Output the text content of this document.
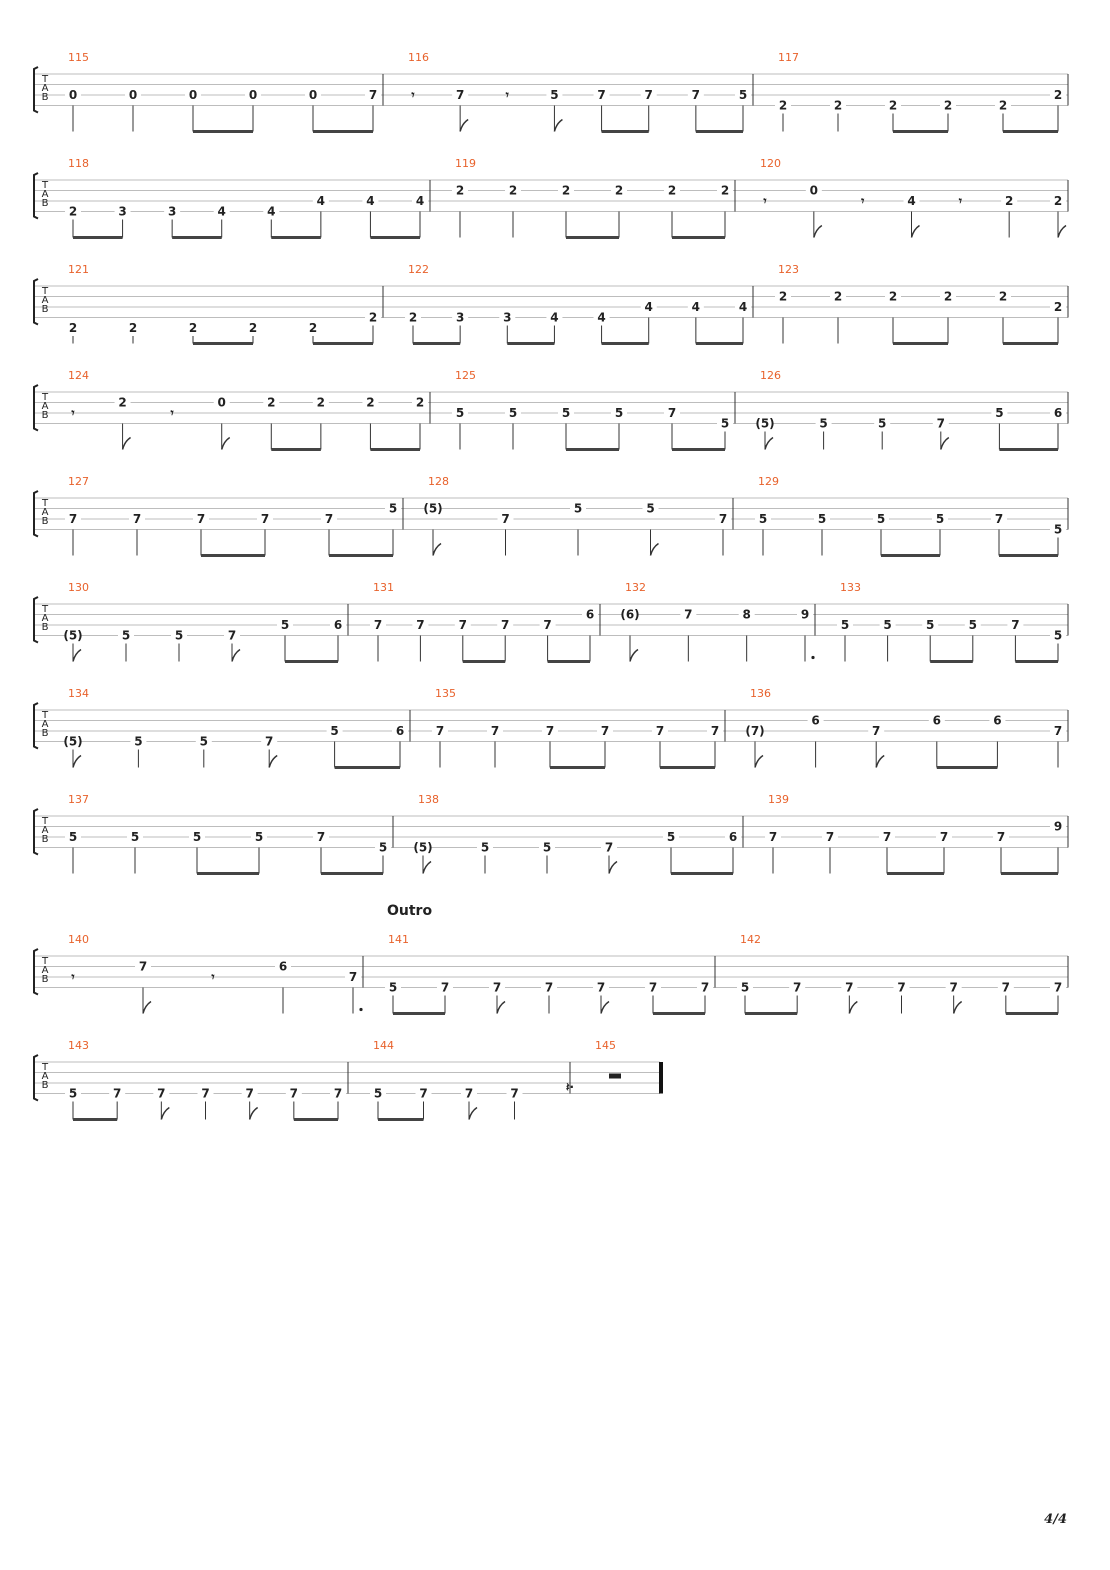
T
A
B
115
0	0	0	0	0	7
116
𝄾	7	𝄾	5	7	7	7	5
117
2	2	2	2	2
2
T
A
B
118
2	3	3	4	4
4	4	4
119
2	2	2	2	2	2
120
𝄾
0
𝄾	4	𝄾	2	2
T
A
B
121
2	2	2	2	2
2
122
2	3	3	4	4
4	4	4
123
2	2	2	2	2
2
T
A
B
124
𝄾
2
𝄾
0	2	2	2	2
125
5	5	5	5	7
5
126
(5)	5	5	7
5	6
T
A
B
127
7	7	7	7	7
5
128
(5)
7
5	5
7
129
5	5	5	5	7
5
T
A
B
130
(5)	5	5	7
5	6
131
7	7	7	7	7
6
132
(6)	7	8	9
133
5	5	5	5	7
5
T
A
B
134
(5)	5	5	7
5	6
135
7	7	7	7	7	7
136
(7)
6
7
6	6
7
T
A
B
137
5	5	5	5	7
5
138
(5)	5	5	7
5	6
139
7	7	7	7	7
9
T
A
B
140
𝄾
7
𝄾
6
7
141
5	7	7	7	7	7	7
142
5	7	7	7	7	7	7
T
A
B
143
5	7	7	7	7	7	7
144
5	7	7	7	𝄽·
145
Outro
4/4
